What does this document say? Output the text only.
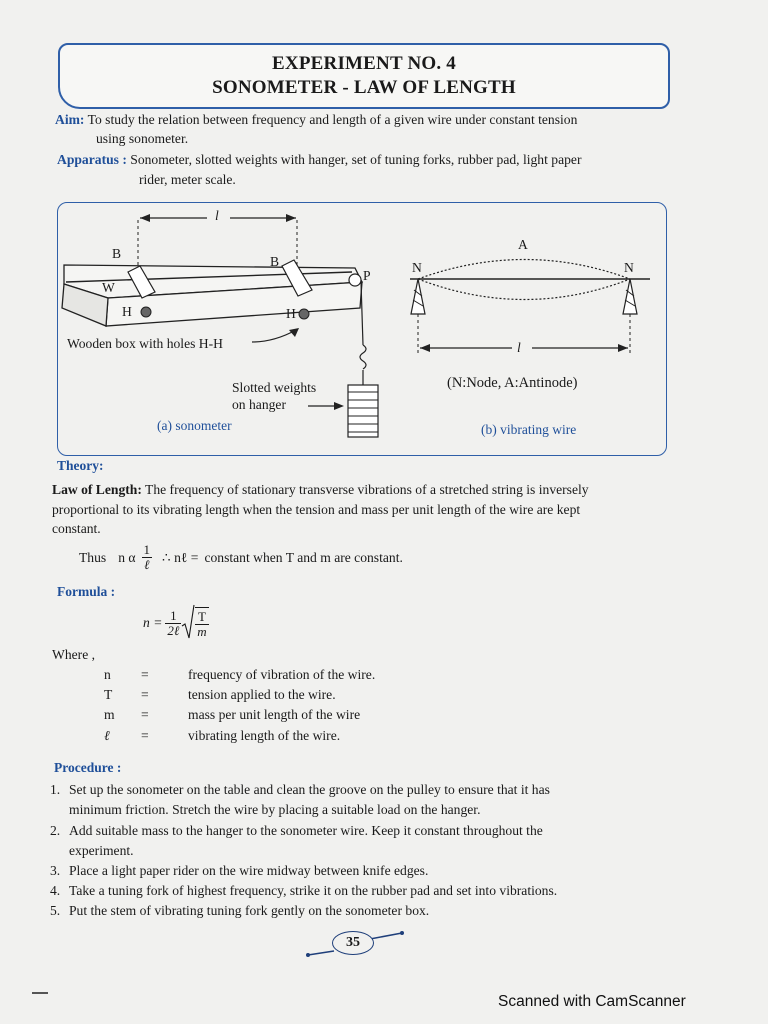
EXPERIMENT NO. 4
SONOMETER - LAW OF LENGTH
Aim: To study the relation between frequency and length of a given wire under constant tension
using sonometer.
Apparatus : Sonometer, slotted weights with hanger, set of tuning forks, rubber pad, light paper
rider, meter scale.
l
B
B
W
P
H	H
Wooden box with holes H-H
Slotted weights
on hanger
(a) sonometer
A
N	N
l
(N:Node, A:Antinode)
(b) vibrating wire
Theory:
Law of Length: The frequency of stationary transverse vibrations of a stretched string is inversely
proportional to its vibrating length when the tension and mass per unit length of the wire are kept
constant.
Thus n α $\frac{1}{\text{ℓ}}$ ∴ nℓ = constant when T and m are constant.
Formula :
$n = \frac{1}{\text{2ℓ}} \frac{T}{m}$
Where ,
n =	frequency of vibration of the wire.
T =	tension applied to the wire.
m =	mass per unit length of the wire
ℓ =	vibrating length of the wire.
Procedure :
1. Set up the sonometer on the table and clean the groove on the pulley to ensure that it has
minimum friction. Stretch the wire by placing a suitable load on the hanger.
2. Add suitable mass to the hanger to the sonometer wire. Keep it constant throughout the
experiment.
3. Place a light paper rider on the wire midway between knife edges.
4. Take a tuning fork of highest frequency, strike it on the rubber pad and set into vibrations.
5. Put the stem of vibrating tuning fork gently on the sonometer box.
35
Scanned with CamScanner
